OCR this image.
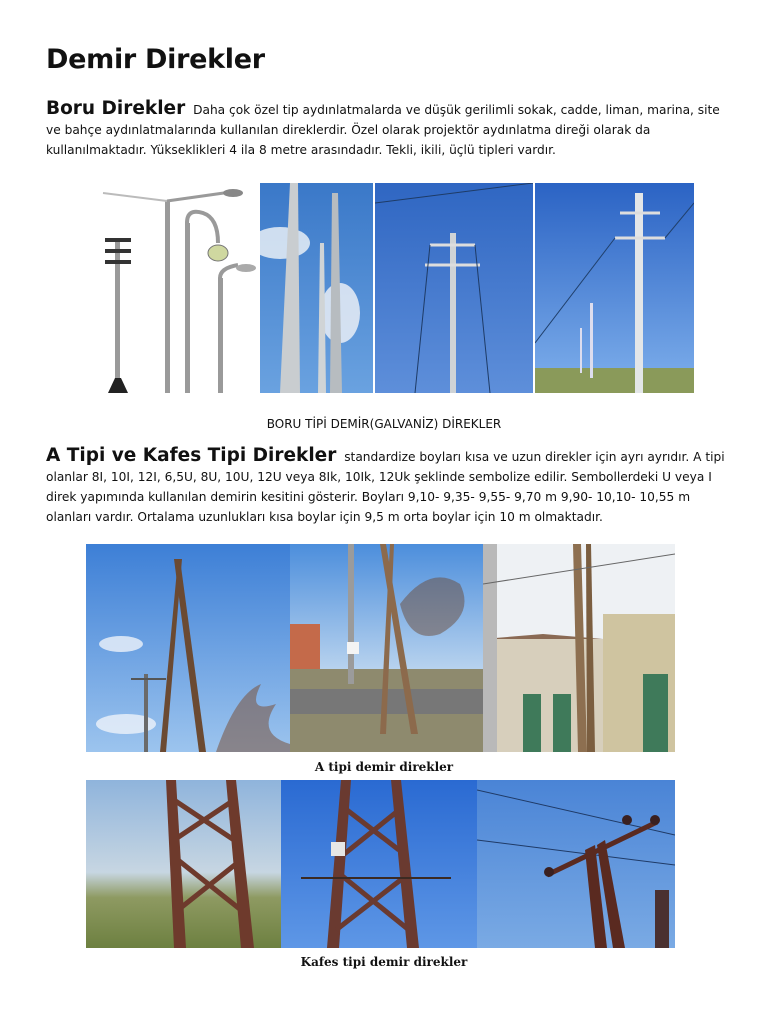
Demir Direkler

Boru Direkler Daha çok özel tip aydınlatmalarda ve düşük gerilimli sokak, cadde, liman, marina, site ve bahçe aydınlatmalarında kullanılan direklerdir. Özel olarak projektör aydınlatma direği olarak da kullanılmaktadır. Yükseklikleri 4 ila 8 metre arasındadır. Tekli, ikili, üçlü tipleri vardır.

BORU TİPİ DEMİR(GALVANİZ) DİREKLER

A Tipi ve Kafes Tipi Direkler standardize boyları kısa ve uzun direkler için ayrı ayrıdır. A tipi olanlar 8I, 10I, 12I, 6,5U, 8U, 10U, 12U veya 8Ik, 10Ik, 12Uk şeklinde sembolize edilir. Sembollerdeki U veya I direk yapımında kullanılan demirin kesitini gösterir. Boyları 9,10- 9,35- 9,55- 9,70 m 9,90- 10,10- 10,55 m olanları vardır. Ortalama uzunlukları kısa boylar için 9,5 m orta boylar için 10 m olmaktadır.

A tipi demir direkler

Kafes tipi demir direkler
